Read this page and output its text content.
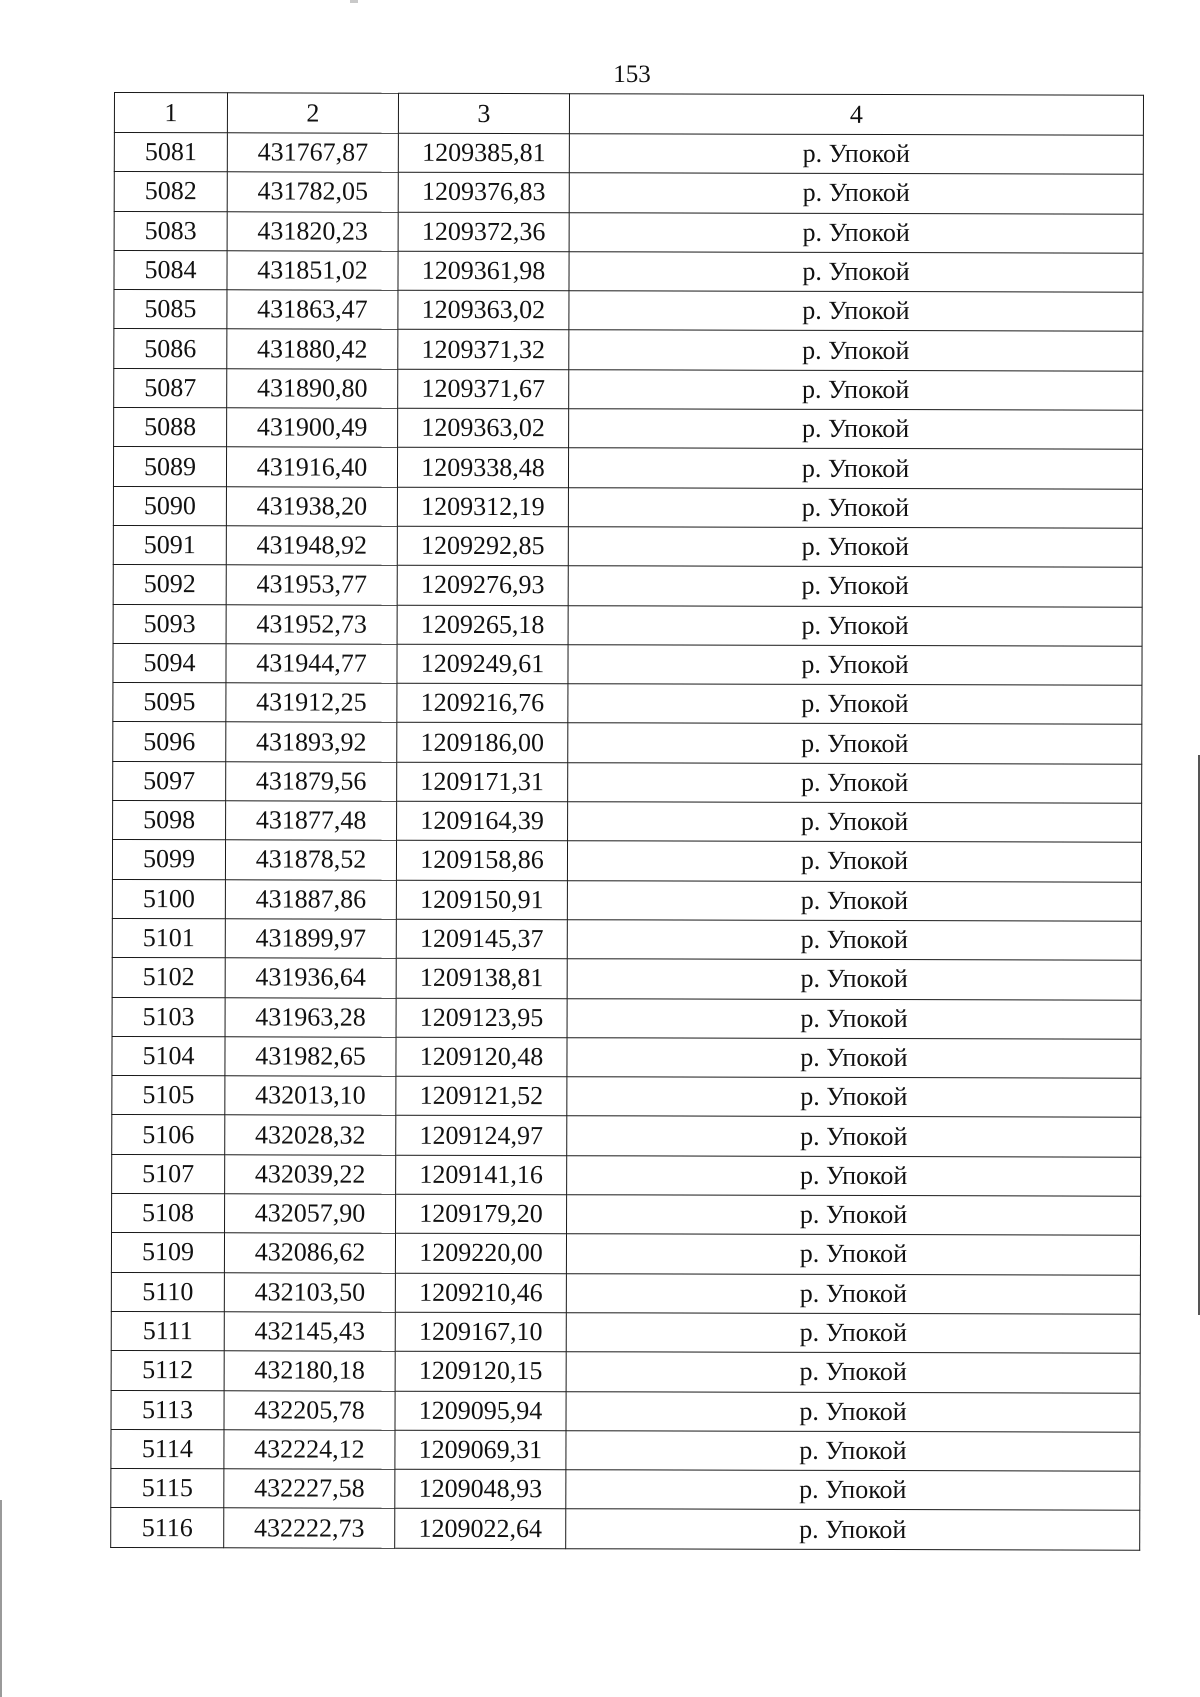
153
1	2	3	4
5081	431767,87	1209385,81	р. Упокой
5082	431782,05	1209376,83	р. Упокой
5083	431820,23	1209372,36	р. Упокой
5084	431851,02	1209361,98	р. Упокой
5085	431863,47	1209363,02	р. Упокой
5086	431880,42	1209371,32	р. Упокой
5087	431890,80	1209371,67	р. Упокой
5088	431900,49	1209363,02	р. Упокой
5089	431916,40	1209338,48	р. Упокой
5090	431938,20	1209312,19	р. Упокой
5091	431948,92	1209292,85	р. Упокой
5092	431953,77	1209276,93	р. Упокой
5093	431952,73	1209265,18	р. Упокой
5094	431944,77	1209249,61	р. Упокой
5095	431912,25	1209216,76	р. Упокой
5096	431893,92	1209186,00	р. Упокой
5097	431879,56	1209171,31	р. Упокой
5098	431877,48	1209164,39	р. Упокой
5099	431878,52	1209158,86	р. Упокой
5100	431887,86	1209150,91	р. Упокой
5101	431899,97	1209145,37	р. Упокой
5102	431936,64	1209138,81	р. Упокой
5103	431963,28	1209123,95	р. Упокой
5104	431982,65	1209120,48	р. Упокой
5105	432013,10	1209121,52	р. Упокой
5106	432028,32	1209124,97	р. Упокой
5107	432039,22	1209141,16	р. Упокой
5108	432057,90	1209179,20	р. Упокой
5109	432086,62	1209220,00	р. Упокой
5110	432103,50	1209210,46	р. Упокой
5111	432145,43	1209167,10	р. Упокой
5112	432180,18	1209120,15	р. Упокой
5113	432205,78	1209095,94	р. Упокой
5114	432224,12	1209069,31	р. Упокой
5115	432227,58	1209048,93	р. Упокой
5116	432222,73	1209022,64	р. Упокой
